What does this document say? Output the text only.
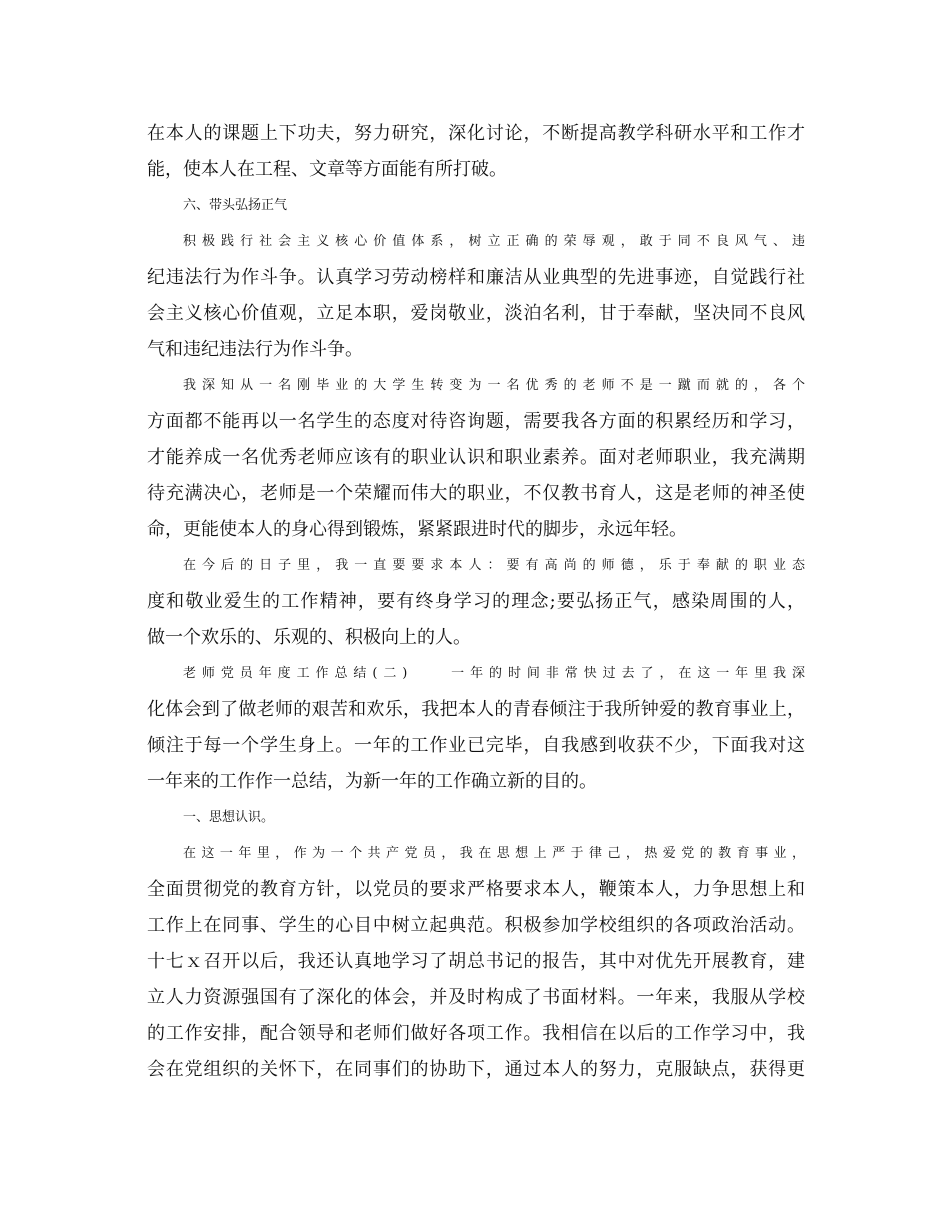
在本人的课题上下功夫，努力研究，深化讨论，不断提高教学科研水平和工作才
能，使本人在工程、文章等方面能有所打破。
六、带头弘扬正气
积极践行社会主义核心价值体系，树立正确的荣辱观，敢于同不良风气、违
纪违法行为作斗争。认真学习劳动榜样和廉洁从业典型的先进事迹，自觉践行社
会主义核心价值观，立足本职，爱岗敬业，淡泊名利，甘于奉献，坚决同不良风
气和违纪违法行为作斗争。
我深知从一名刚毕业的大学生转变为一名优秀的老师不是一蹴而就的，各个
方面都不能再以一名学生的态度对待咨询题，需要我各方面的积累经历和学习，
才能养成一名优秀老师应该有的职业认识和职业素养。面对老师职业，我充满期
待充满决心，老师是一个荣耀而伟大的职业，不仅教书育人，这是老师的神圣使
命，更能使本人的身心得到锻炼，紧紧跟进时代的脚步，永远年轻。
在今后的日子里，我一直要要求本人：要有高尚的师德，乐于奉献的职业态
度和敬业爱生的工作精神，要有终身学习的理念;要弘扬正气，感染周围的人，
做一个欢乐的、乐观的、积极向上的人。
老师党员年度工作总结(二)　　一年的时间非常快过去了，在这一年里我深
化体会到了做老师的艰苦和欢乐，我把本人的青春倾注于我所钟爱的教育事业上，
倾注于每一个学生身上。一年的工作业已完毕，自我感到收获不少，下面我对这
一年来的工作作一总结，为新一年的工作确立新的目的。
一、思想认识。
在这一年里，作为一个共产党员，我在思想上严于律己，热爱党的教育事业，
全面贯彻党的教育方针，以党员的要求严格要求本人，鞭策本人，力争思想上和
工作上在同事、学生的心目中树立起典范。积极参加学校组织的各项政治活动。
十七ｘ召开以后，我还认真地学习了胡总书记的报告，其中对优先开展教育，建
立人力资源强国有了深化的体会，并及时构成了书面材料。一年来，我服从学校
的工作安排，配合领导和老师们做好各项工作。我相信在以后的工作学习中，我
会在党组织的关怀下，在同事们的协助下，通过本人的努力，克服缺点，获得更
